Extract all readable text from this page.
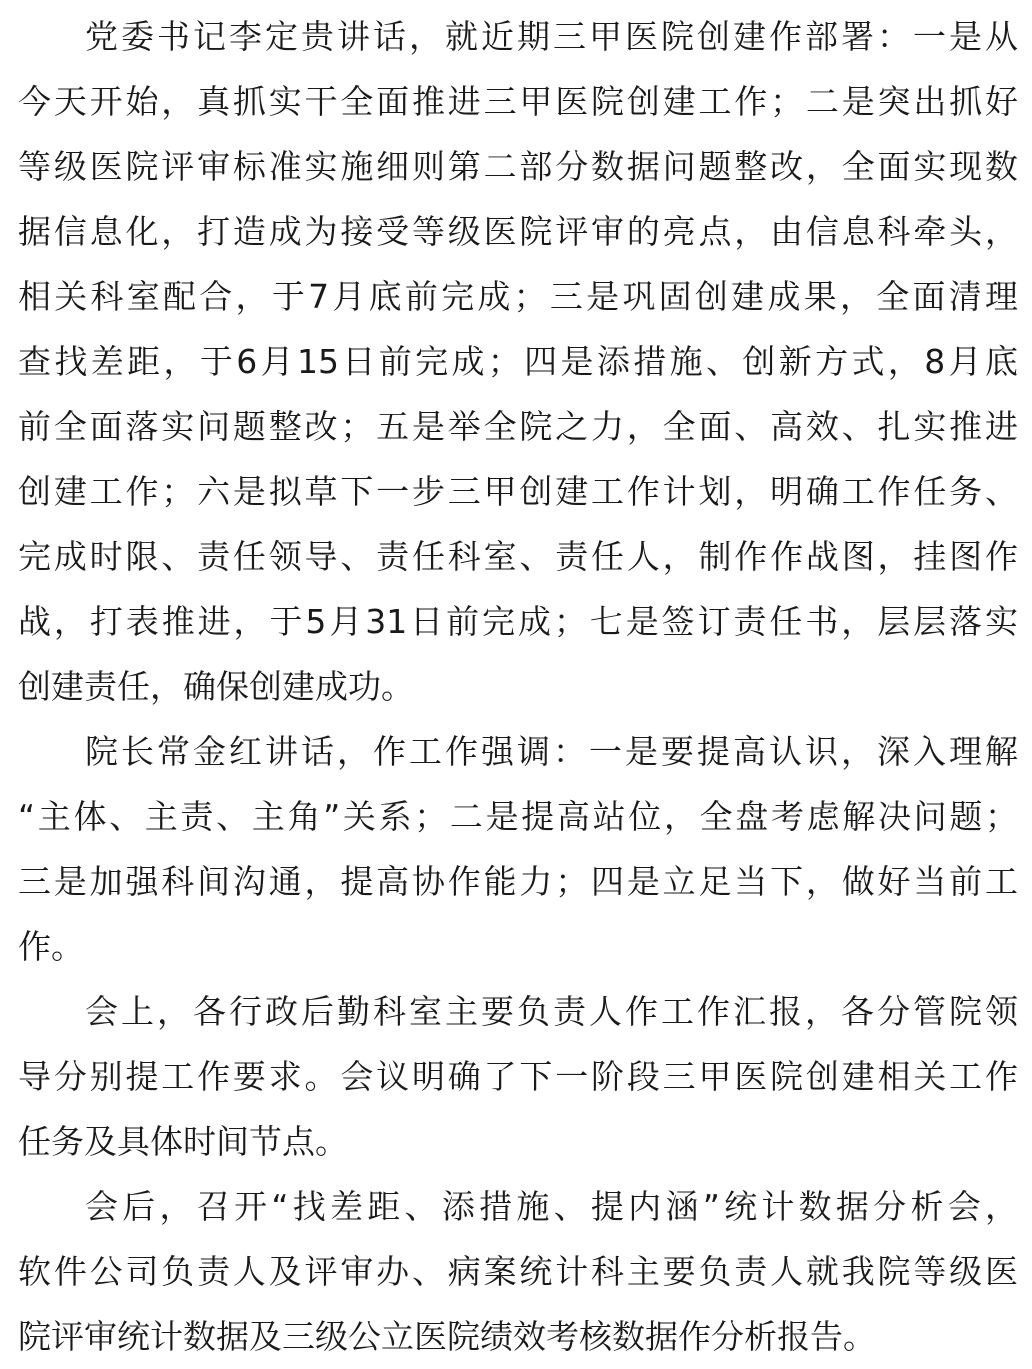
党委书记李定贵讲话，就近期三甲医院创建作部署：一是从
今天开始，真抓实干全面推进三甲医院创建工作；二是突出抓好
等级医院评审标准实施细则第二部分数据问题整改，全面实现数
据信息化，打造成为接受等级医院评审的亮点，由信息科牵头，
相关科室配合，于7月底前完成；三是巩固创建成果，全面清理
查找差距，于6月15日前完成；四是添措施、创新方式，8月底
前全面落实问题整改；五是举全院之力，全面、高效、扎实推进
创建工作；六是拟草下一步三甲创建工作计划，明确工作任务、
完成时限、责任领导、责任科室、责任人，制作作战图，挂图作
战，打表推进，于5月31日前完成；七是签订责任书，层层落实
创建责任，确保创建成功。
院长常金红讲话，作工作强调：一是要提高认识，深入理解
“主体、主责、主角”关系；二是提高站位，全盘考虑解决问题；
三是加强科间沟通，提高协作能力；四是立足当下，做好当前工
作。
会上，各行政后勤科室主要负责人作工作汇报，各分管院领
导分别提工作要求。会议明确了下一阶段三甲医院创建相关工作
任务及具体时间节点。
会后，召开“找差距、添措施、提内涵”统计数据分析会，
软件公司负责人及评审办、病案统计科主要负责人就我院等级医
院评审统计数据及三级公立医院绩效考核数据作分析报告。
